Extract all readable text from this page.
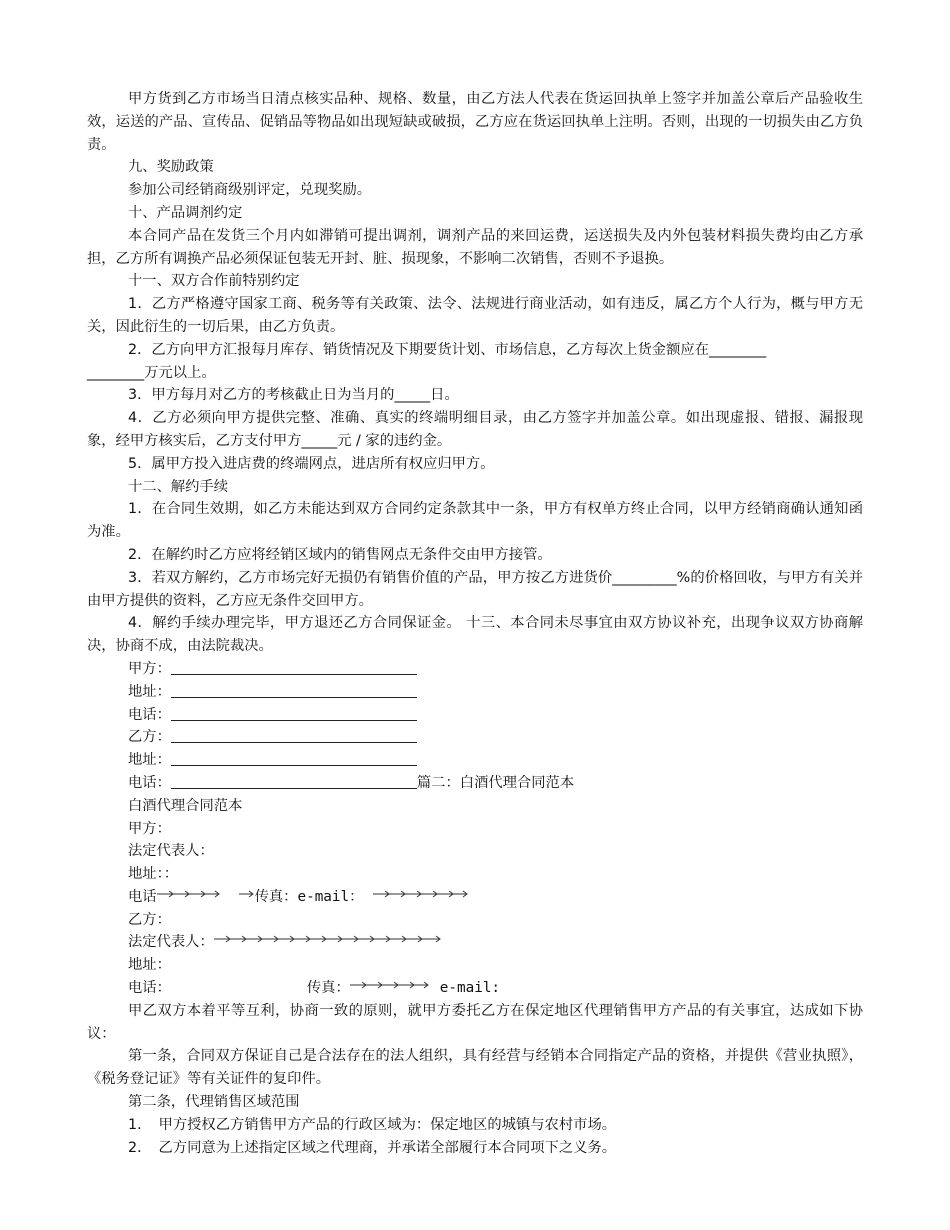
甲方货到乙方市场当日清点核实品种、规格、数量，由乙方法人代表在货运回执单上签字并加盖公章后产品验收生效，运送的产品、宣传品、促销品等物品如出现短缺或破损，乙方应在货运回执单上注明。否则，出现的一切损失由乙方负责。

九、奖励政策

参加公司经销商级别评定，兑现奖励。

十、产品调剂约定

本合同产品在发货三个月内如滞销可提出调剂，调剂产品的来回运费，运送损失及内外包装材料损失费均由乙方承担，乙方所有调换产品必须保证包装无开封、脏、损现象，不影响二次销售，否则不予退换。

十一、双方合作前特别约定

1．乙方严格遵守国家工商、税务等有关政策、法令、法规进行商业活动，如有违反，属乙方个人行为，概与甲方无关，因此衍生的一切后果，由乙方负责。

2．乙方向甲方汇报每月库存、销货情况及下期要货计划、市场信息，乙方每次上货金额应在________

________万元以上。

3．甲方每月对乙方的考核截止日为当月的_____日。

4．乙方必须向甲方提供完整、准确、真实的终端明细目录，由乙方签字并加盖公章。如出现虚报、错报、漏报现象，经甲方核实后，乙方支付甲方_____元 / 家的违约金。

5．属甲方投入进店费的终端网点，进店所有权应归甲方。

十二、解约手续

1．在合同生效期，如乙方未能达到双方合同约定条款其中一条，甲方有权单方终止合同，以甲方经销商确认通知函为准。

2．在解约时乙方应将经销区域内的销售网点无条件交由甲方接管。

3．若双方解约，乙方市场完好无损仍有销售价值的产品，甲方按乙方进货价_________%的价格回收，与甲方有关并由甲方提供的资料，乙方应无条件交回甲方。

4．解约手续办理完毕，甲方退还乙方合同保证金。 十三、本合同未尽事宜由双方协议补充，出现争议双方协商解决，协商不成，由法院裁决。

甲方：

地址：

电话：

乙方：

地址：

电话：	篇二：白酒代理合同范本

白酒代理合同范本

甲方：

法定代表人：

地址：：

电话	传真：e-mail：

乙方：

法定代表人：

地址：

电话：	传真：	e-mail:

甲乙双方本着平等互利，协商一致的原则，就甲方委托乙方在保定地区代理销售甲方产品的有关事宜，达成如下协议：

第一条，合同双方保证自己是合法存在的法人组织，具有经营与经销本合同指定产品的资格，并提供《营业执照》，《税务登记证》等有关证件的复印件。

第二条，代理销售区域范围

1．　甲方授权乙方销售甲方产品的行政区域为：保定地区的城镇与农村市场。

2．　乙方同意为上述指定区域之代理商，并承诺全部履行本合同项下之义务。
